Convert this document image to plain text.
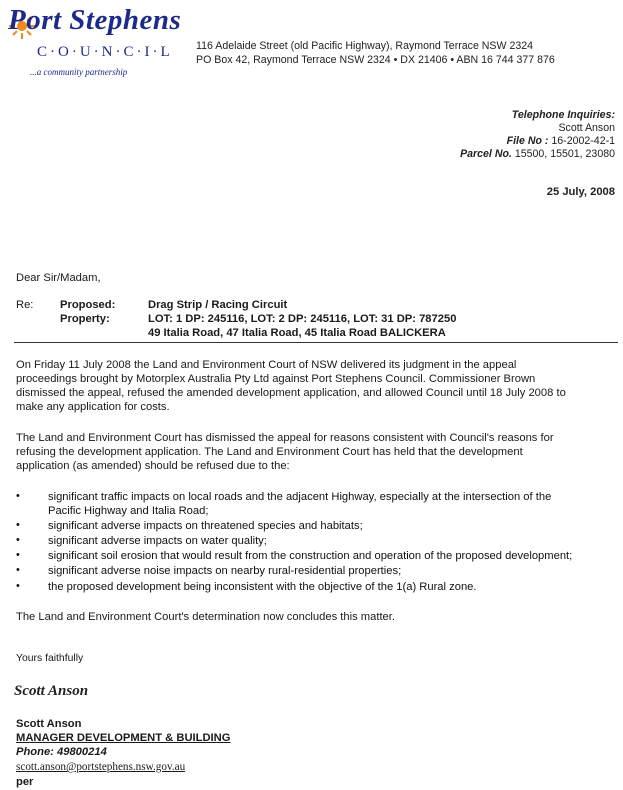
Port Stephens
C·O·U·N·C·I·L
...a community partnership
116 Adelaide Street (old Pacific Highway), Raymond Terrace NSW 2324
PO Box 42, Raymond Terrace NSW 2324 • DX 21406 • ABN 16 744 377 876
Telephone Inquiries:
Scott Anson
File No : 16-2002-42-1
Parcel No. 15500, 15501, 23080
25 July, 2008
Dear Sir/Madam,
Re:	Proposed:	Drag Strip / Racing Circuit
Property:	LOT: 1 DP: 245116, LOT: 2 DP: 245116, LOT: 31 DP: 787250
49 Italia Road, 47 Italia Road, 45 Italia Road BALICKERA
On Friday 11 July 2008 the Land and Environment Court of NSW delivered its judgment in the appeal
proceedings brought by Motorplex Australia Pty Ltd against Port Stephens Council. Commissioner Brown
dismissed the appeal, refused the amended development application, and allowed Council until 18 July 2008 to
make any application for costs.
The Land and Environment Court has dismissed the appeal for reasons consistent with Council's reasons for
refusing the development application. The Land and Environment Court has held that the development
application (as amended) should be refused due to the:
•	significant traffic impacts on local roads and the adjacent Highway, especially at the intersection of the
Pacific Highway and Italia Road;
•	significant adverse impacts on threatened species and habitats;
•	significant adverse impacts on water quality;
•	significant soil erosion that would result from the construction and operation of the proposed development;
•	significant adverse noise impacts on nearby rural-residential properties;
•	the proposed development being inconsistent with the objective of the 1(a) Rural zone.
The Land and Environment Court's determination now concludes this matter.
Yours faithfully
Scott Anson
Scott Anson
MANAGER DEVELOPMENT & BUILDING
Phone: 49800214
scott.anson@portstephens.nsw.gov.au
per
